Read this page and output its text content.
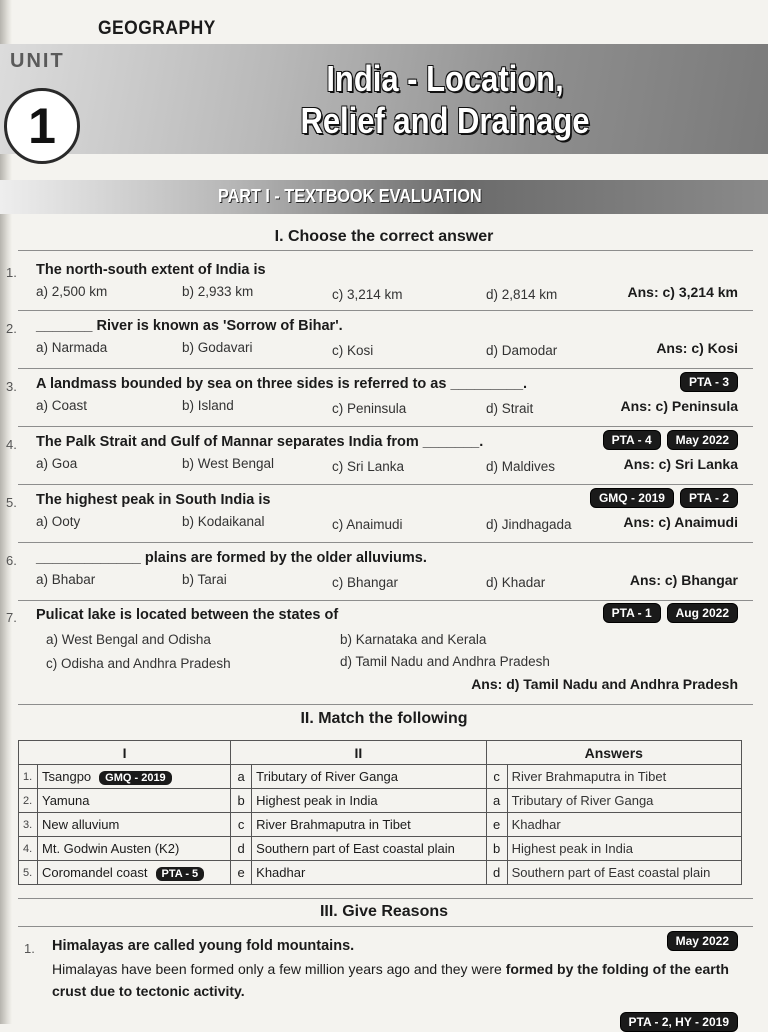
GEOGRAPHY
UNIT
1
India - Location,
Relief and Drainage
PART I - TEXTBOOK EVALUATION
I. Choose the correct answer
1. The north-south extent of India is
a) 2,500 km	b) 2,933 km	c) 3,214 km	d) 2,814 km	Ans: c) 3,214 km
2. _______ River is known as 'Sorrow of Bihar'.
a) Narmada	b) Godavari	c) Kosi	d) Damodar	Ans: c) Kosi
3. A landmass bounded by sea on three sides is referred to as _________.	PTA - 3
a) Coast	b) Island	c) Peninsula	d) Strait	Ans: c) Peninsula
4. The Palk Strait and Gulf of Mannar separates India from _______.	PTA - 4	May 2022
a) Goa	b) West Bengal	c) Sri Lanka	d) Maldives	Ans: c) Sri Lanka
5. The highest peak in South India is	GMQ - 2019	PTA - 2
a) Ooty	b) Kodaikanal	c) Anaimudi	d) Jindhagada	Ans: c) Anaimudi
6. _____________ plains are formed by the older alluviums.
a) Bhabar	b) Tarai	c) Bhangar	d) Khadar	Ans: c) Bhangar
7. Pulicat lake is located between the states of	PTA - 1	Aug 2022
a) West Bengal and Odisha	b) Karnataka and Kerala
c) Odisha and Andhra Pradesh	d) Tamil Nadu and Andhra Pradesh
Ans: d) Tamil Nadu and Andhra Pradesh
II. Match the following
I		II		Answers	
1.	Tsangpo GMQ - 2019	a	Tributary of River Ganga	c	River Brahmaputra in Tibet
2.	Yamuna	b	Highest peak in India	a	Tributary of River Ganga
3.	New alluvium	c	River Brahmaputra in Tibet	e	Khadhar
4.	Mt. Godwin Austen (K2)	d	Southern part of East coastal plain	b	Highest peak in India
5.	Coromandel coast PTA - 5	e	Khadhar	d	Southern part of East coastal plain
III. Give Reasons
1. Himalayas are called young fold mountains.	May 2022
Himalayas have been formed only a few million years ago and they were formed by the folding of the earth crust due to tectonic activity.
PTA - 2, HY - 2019
